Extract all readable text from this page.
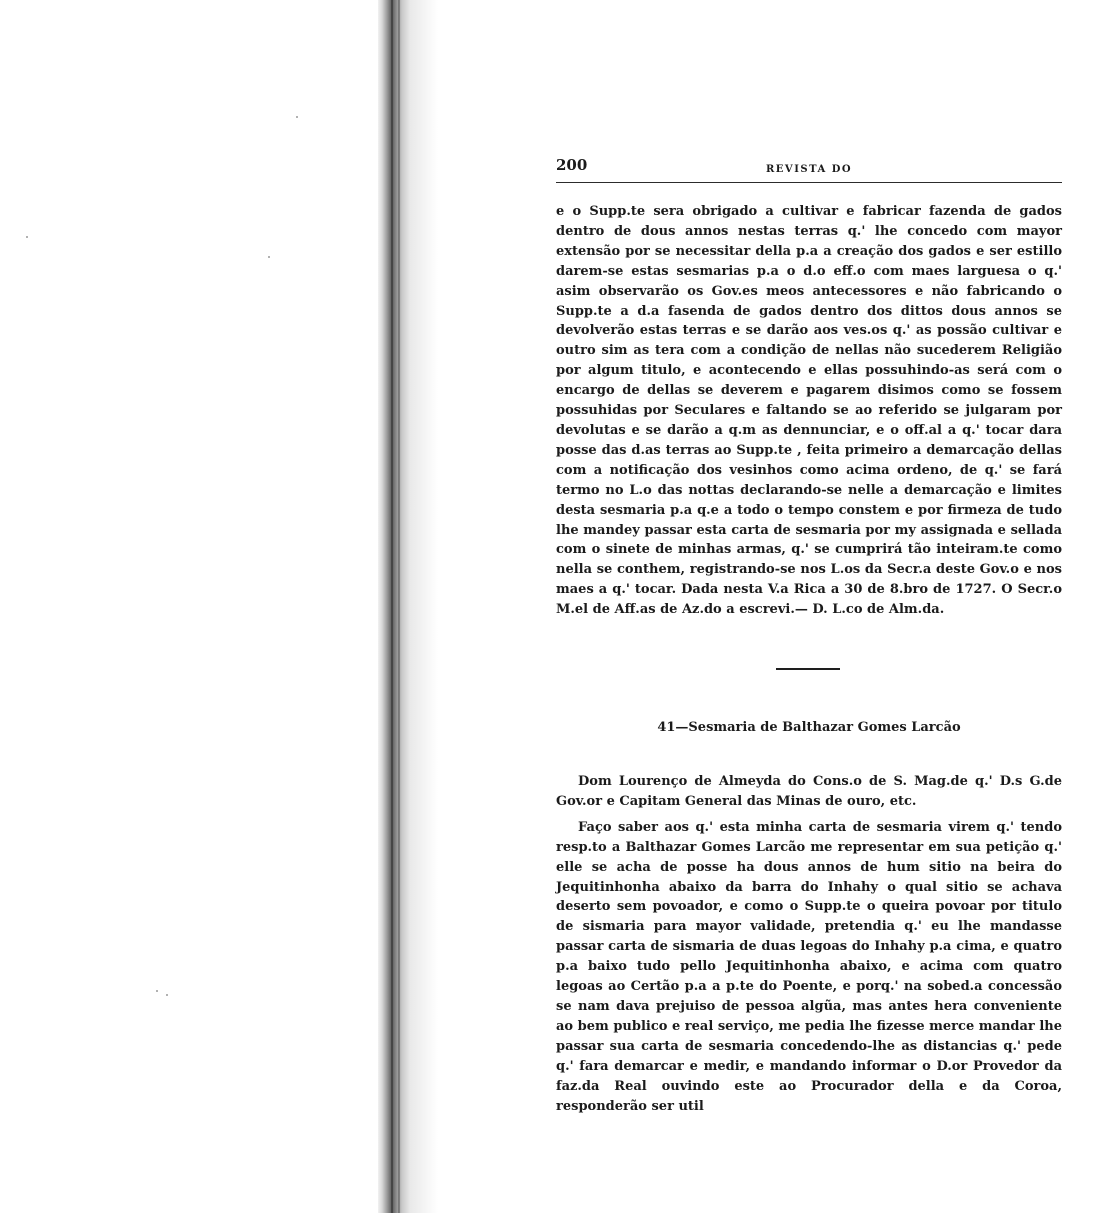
200	REVISTA DO

e o Supp.te sera obrigado a cultivar e fabricar fazenda de gados dentro de dous annos nestas terras q.' lhe concedo com mayor extensão por se necessitar della p.a a creação dos gados e ser estillo darem-se estas sesmarias p.a o d.o eff.o com maes larguesa o q.' asim observarão os Gov.es meos antecessores e não fabricando o Supp.te a d.a fasenda de gados dentro dos dittos dous annos se devolverão estas terras e se darão aos ves.os q.' as possão cultivar e outro sim as tera com a condição de nellas não sucederem Religião por algum titulo, e acontecendo e ellas possuhindo-as será com o encargo de dellas se deverem e pagarem disimos como se fossem possuhidas por Seculares e faltando se ao referido se julgaram por devolutas e se darão a q.m as dennunciar, e o off.al a q.' tocar dara posse das d.as terras ao Supp.te , feita primeiro a demarcação dellas com a notificação dos vesinhos como acima ordeno, de q.' se fará termo no L.o das nottas declarando-se nelle a demarcação e limites desta sesmaria p.a q.e a todo o tempo constem e por firmeza de tudo lhe mandey passar esta carta de sesmaria por my assignada e sellada com o sinete de minhas armas, q.' se cumprirá tão inteiram.te como nella se conthem, registrando-se nos L.os da Secr.a deste Gov.o e nos maes a q.' tocar. Dada nesta V.a Rica a 30 de 8.bro de 1727. O Secr.o M.el de Aff.as de Az.do a escrevi.— D. L.co de Alm.da.

41—Sesmaria de Balthazar Gomes Larcão

Dom Lourenço de Almeyda do Cons.o de S. Mag.de q.' D.s G.de Gov.or e Capitam General das Minas de ouro, etc.

Faço saber aos q.' esta minha carta de sesmaria virem q.' tendo resp.to a Balthazar Gomes Larcão me representar em sua petição q.' elle se acha de posse ha dous annos de hum sitio na beira do Jequitinhonha abaixo da barra do Inhahy o qual sitio se achava deserto sem povoador, e como o Supp.te o queira povoar por titulo de sismaria para mayor validade, pretendia q.' eu lhe mandasse passar carta de sismaria de duas legoas do Inhahy p.a cima, e quatro p.a baixo tudo pello Jequitinhonha abaixo, e acima com quatro legoas ao Certão p.a a p.te do Poente, e porq.' na sobed.a concessão se nam dava prejuiso de pessoa algũa, mas antes hera conveniente ao bem publico e real serviço, me pedia lhe fizesse merce mandar lhe passar sua carta de sesmaria concedendo-lhe as distancias q.' pede q.' fara demarcar e medir, e mandando informar o D.or Provedor da faz.da Real ouvindo este ao Procurador della e da Coroa, responderão ser util
